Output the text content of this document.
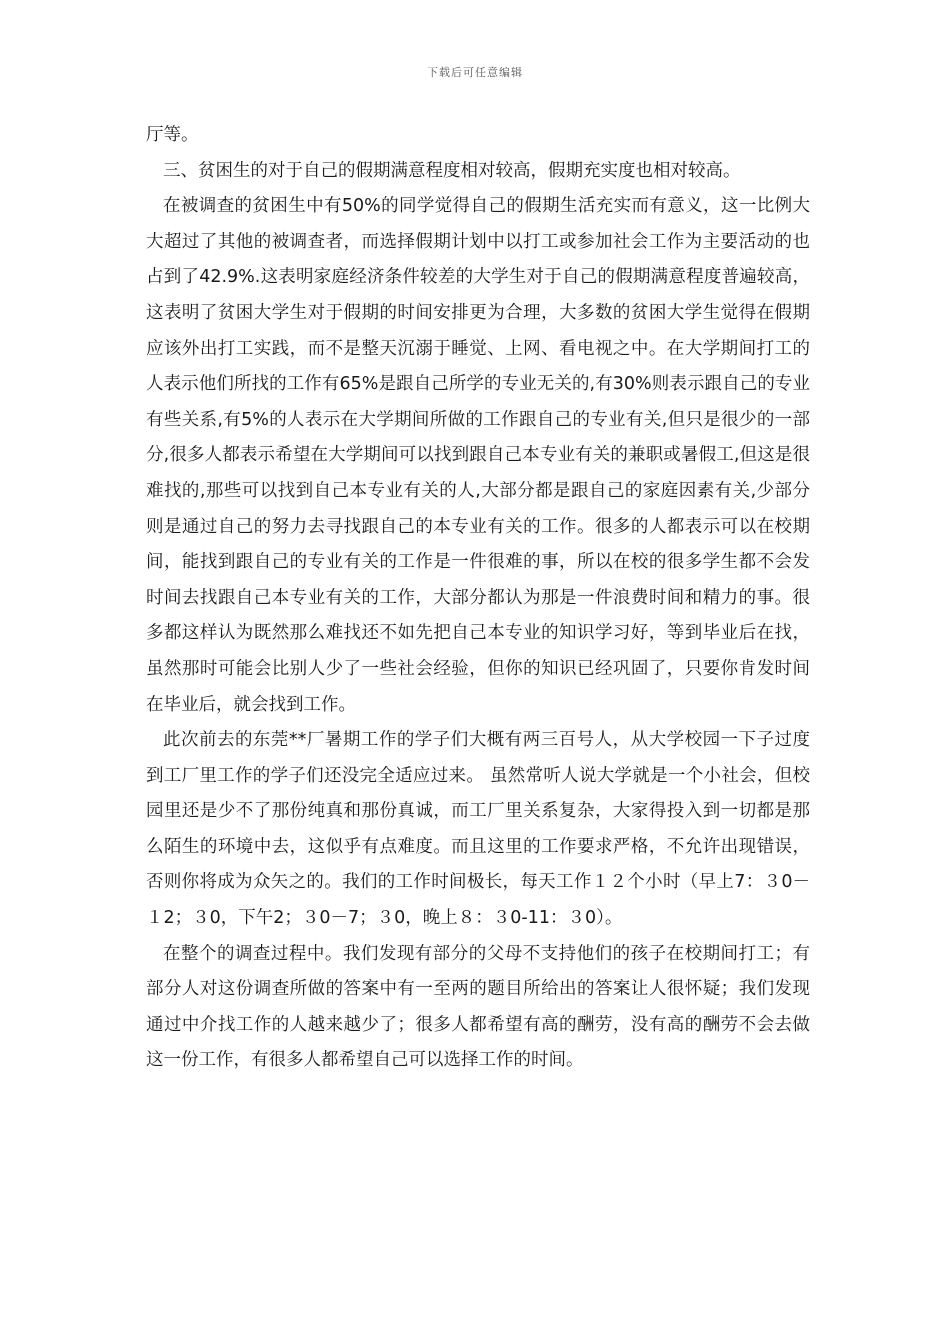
下载后可任意编辑

厅等。

三、贫困生的对于自己的假期满意程度相对较高，假期充实度也相对较高。

在被调查的贫困生中有50%的同学觉得自己的假期生活充实而有意义，这一比例大大超过了其他的被调查者，而选择假期计划中以打工或参加社会工作为主要活动的也占到了42.9%.这表明家庭经济条件较差的大学生对于自己的假期满意程度普遍较高，这表明了贫困大学生对于假期的时间安排更为合理，大多数的贫困大学生觉得在假期应该外出打工实践，而不是整天沉溺于睡觉、上网、看电视之中。在大学期间打工的人表示他们所找的工作有65%是跟自己所学的专业无关的,有30%则表示跟自己的专业有些关系,有5%的人表示在大学期间所做的工作跟自己的专业有关,但只是很少的一部分,很多人都表示希望在大学期间可以找到跟自己本专业有关的兼职或暑假工,但这是很难找的,那些可以找到自己本专业有关的人,大部分都是跟自己的家庭因素有关,少部分则是通过自己的努力去寻找跟自己的本专业有关的工作。很多的人都表示可以在校期间，能找到跟自己的专业有关的工作是一件很难的事，所以在校的很多学生都不会发时间去找跟自己本专业有关的工作，大部分都认为那是一件浪费时间和精力的事。很多都这样认为既然那么难找还不如先把自己本专业的知识学习好，等到毕业后在找，虽然那时可能会比别人少了一些社会经验，但你的知识已经巩固了，只要你肯发时间在毕业后，就会找到工作。

此次前去的东莞**厂暑期工作的学子们大概有两三百号人，从大学校园一下子过度到工厂里工作的学子们还没完全适应过来。 虽然常听人说大学就是一个小社会，但校园里还是少不了那份纯真和那份真诚，而工厂里关系复杂，大家得投入到一切都是那么陌生的环境中去，这似乎有点难度。而且这里的工作要求严格，不允许出现错误，否则你将成为众矢之的。我们的工作时间极长，每天工作１２个小时（早上7：３0－１2；３0，下午2；３0－7；３0，晚上８：３0-11：３0）。

在整个的调查过程中。我们发现有部分的父母不支持他们的孩子在校期间打工；有部分人对这份调查所做的答案中有一至两的题目所给出的答案让人很怀疑；我们发现通过中介找工作的人越来越少了；很多人都希望有高的酬劳，没有高的酬劳不会去做这一份工作，有很多人都希望自己可以选择工作的时间。
